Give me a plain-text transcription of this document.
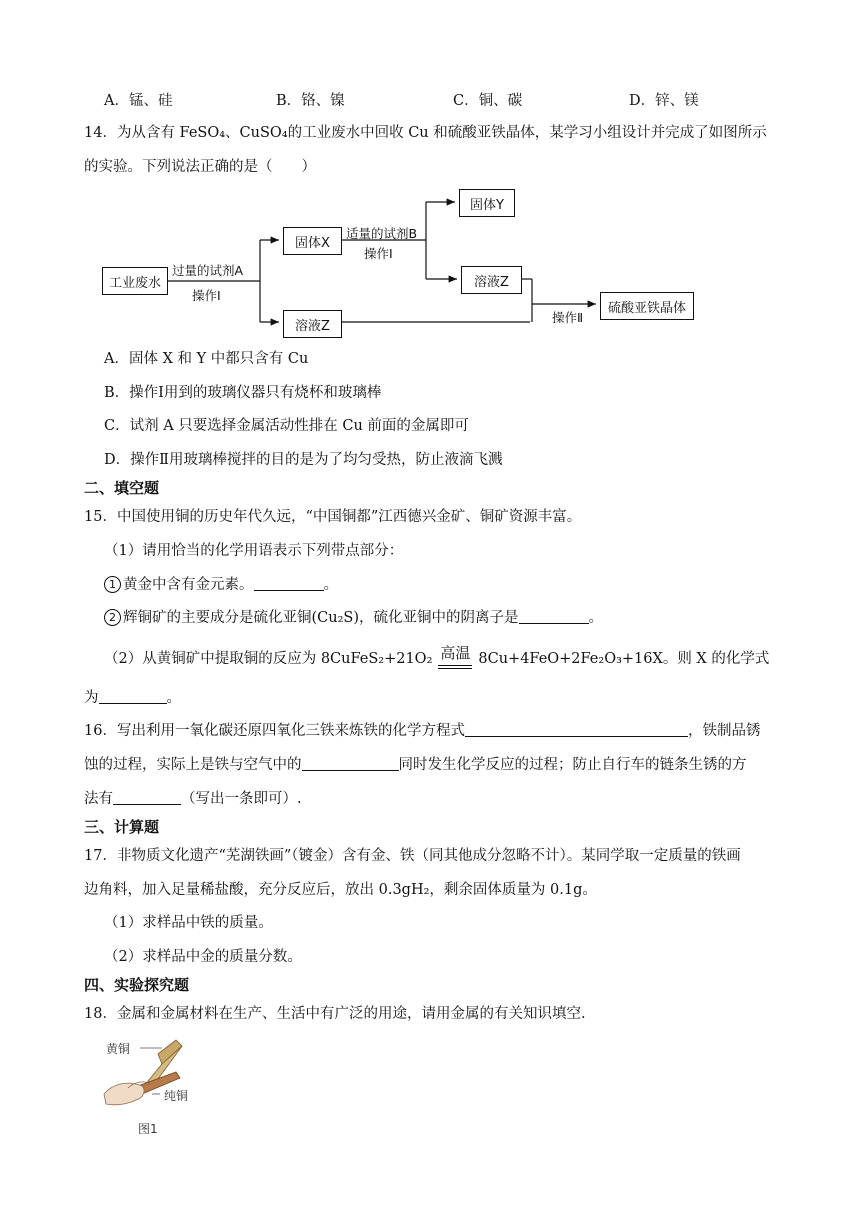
A．锰、硅	B．铬、镍	C．铜、碳	D．锌、镁
14．为从含有 FeSO₄、CuSO₄的工业废水中回收 Cu 和硫酸亚铁晶体，某学习小组设计并完成了如图所示
的实验。下列说法正确的是（　　）
工业废水
过量的试剂A
操作Ⅰ
固体X
溶液Z
适量的试剂B
操作Ⅰ
固体Y
溶液Z
操作Ⅱ
硫酸亚铁晶体
A．固体 X 和 Y 中都只含有 Cu
B．操作Ⅰ用到的玻璃仪器只有烧杯和玻璃棒
C．试剂 A 只要选择金属活动性排在 Cu 前面的金属即可
D．操作Ⅱ用玻璃棒搅拌的目的是为了均匀受热，防止液滴飞溅
二、填空题
15．中国使用铜的历史年代久远，“中国铜都”江西德兴金矿、铜矿资源丰富。
（1）请用恰当的化学用语表示下列带点部分：
1 黄金中含有金元素。	。
2 辉铜矿的主要成分是硫化亚铜(Cu₂S)，硫化亚铜中的阴离子是	。
（2）从黄铜矿中提取铜的反应为 8CuFeS₂+21O₂ 高温 8Cu+4FeO+2Fe₂O₃+16X。则 X 的化学式
为	。
16．写出利用一氧化碳还原四氧化三铁来炼铁的化学方程式	，铁制品锈
蚀的过程，实际上是铁与空气中的	同时发生化学反应的过程；防止自行车的链条生锈的方
法有	（写出一条即可）.
三、计算题
17．非物质文化遗产“芜湖铁画”（镀金）含有金、铁（同其他成分忽略不计）。某同学取一定质量的铁画
边角料，加入足量稀盐酸，充分反应后，放出 0.3gH₂，剩余固体质量为 0.1g。
（1）求样品中铁的质量。
（2）求样品中金的质量分数。
四、实验探究题
18．金属和金属材料在生产、生活中有广泛的用途，请用金属的有关知识填空.
黄铜
纯铜
图1
